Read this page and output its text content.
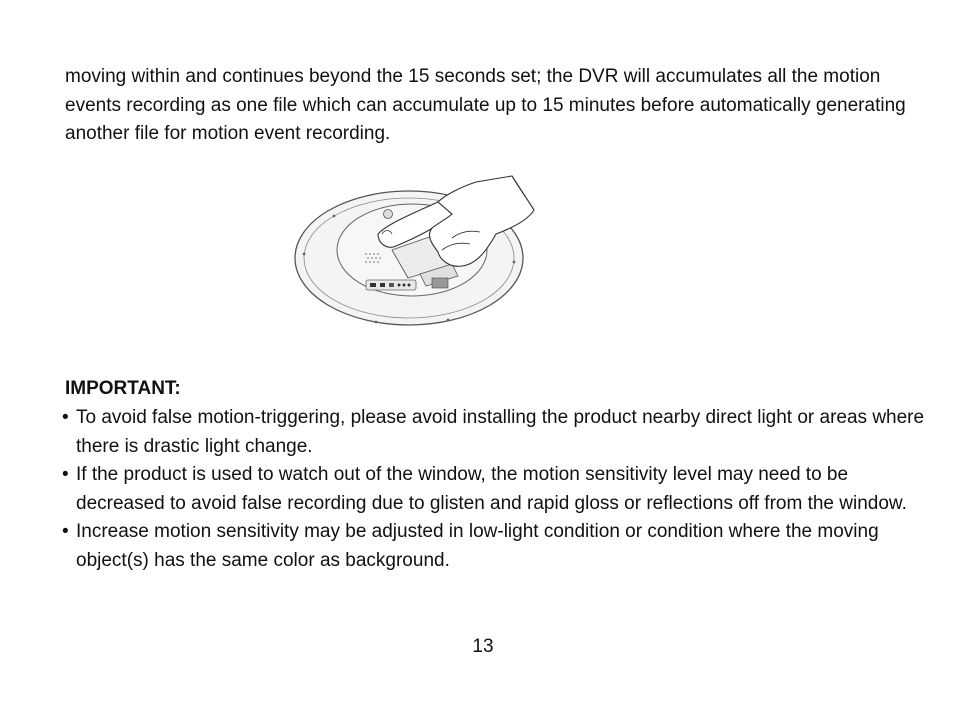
moving within and continues beyond the 15 seconds set; the DVR will accumulates all the motion events recording as one file which can accumulate up to 15 minutes before automatically generating another file for motion event recording.

IMPORTANT:

• To avoid false motion-triggering, please avoid installing the product nearby direct light or areas where there is drastic light change.
• If the product is used to watch out of the window, the motion sensitivity level may need to be decreased to avoid false recording due to glisten and rapid gloss or reflections off from the window.
• Increase motion sensitivity may be adjusted in low-light condition or condition where the moving object(s) has the same color as background.
13
